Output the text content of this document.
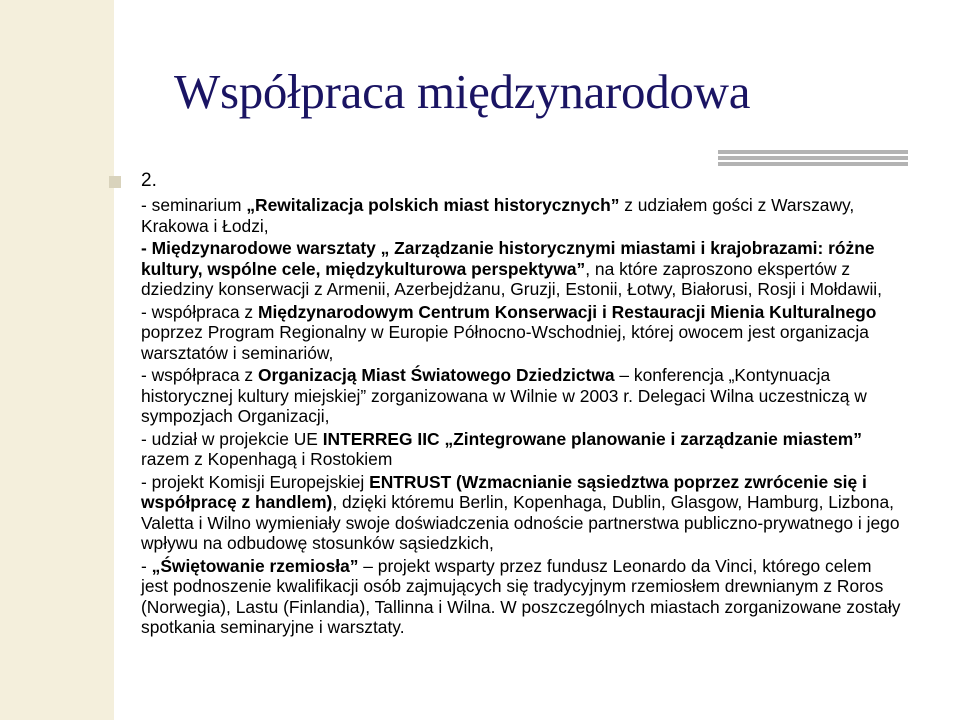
Współpraca międzynarodowa
2.

- seminarium „Rewitalizacja polskich miast historycznych” z udziałem gości z Warszawy, Krakowa i Łodzi,

- Międzynarodowe warsztaty „ Zarządzanie historycznymi miastami i krajobrazami: różne kultury, wspólne cele, międzykulturowa perspektywa”, na które zaproszono ekspertów z dziedziny konserwacji z Armenii, Azerbejdżanu, Gruzji, Estonii, Łotwy, Białorusi, Rosji i Mołdawii,

- współpraca z Międzynarodowym Centrum Konserwacji i Restauracji Mienia Kulturalnego poprzez Program Regionalny w Europie Północno-Wschodniej, której owocem jest organizacja warsztatów i seminariów,

- współpraca z Organizacją Miast Światowego Dziedzictwa – konferencja „Kontynuacja historycznej kultury miejskiej” zorganizowana w Wilnie w 2003 r. Delegaci Wilna uczestniczą w sympozjach Organizacji,

- udział w projekcie UE INTERREG IIC „Zintegrowane planowanie i zarządzanie miastem” razem z Kopenhagą i Rostokiem

- projekt Komisji Europejskiej ENTRUST (Wzmacnianie sąsiedztwa poprzez zwrócenie się i współpracę z handlem), dzięki któremu Berlin, Kopenhaga, Dublin, Glasgow, Hamburg, Lizbona, Valetta i Wilno wymieniały swoje doświadczenia odnoście partnerstwa publiczno-prywatnego i jego wpływu na odbudowę stosunków sąsiedzkich,

- „Świętowanie rzemiosła” – projekt wsparty przez fundusz Leonardo da Vinci, którego celem jest podnoszenie kwalifikacji osób zajmujących się tradycyjnym rzemiosłem drewnianym z Roros (Norwegia), Lastu (Finlandia), Tallinna i Wilna. W poszczególnych miastach zorganizowane zostały spotkania seminaryjne i warsztaty.
